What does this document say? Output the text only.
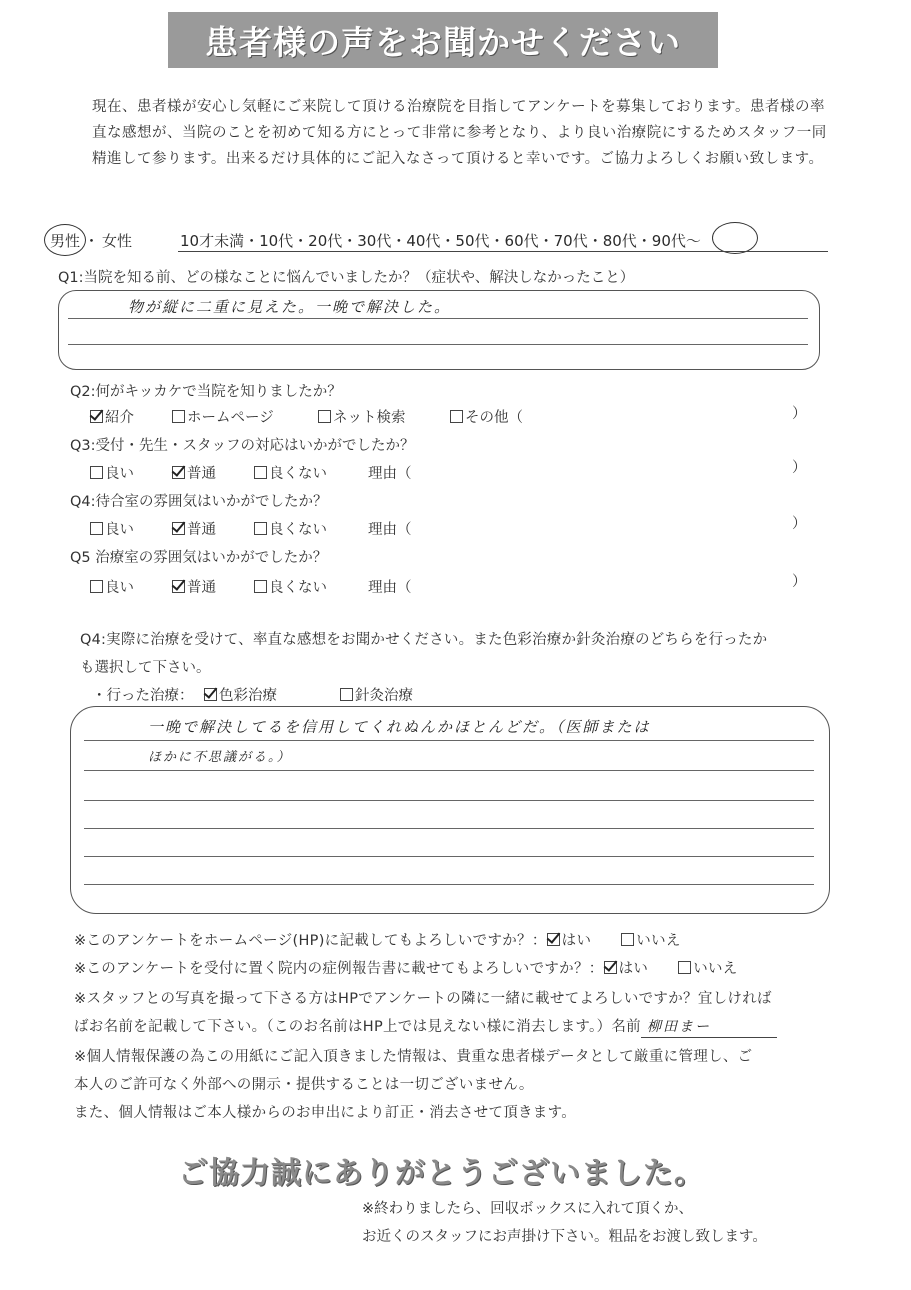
患者様の声をお聞かせください
現在、患者様が安心し気軽にご来院して頂ける治療院を目指してアンケートを募集しております。患者様の率直な感想が、当院のことを初めて知る方にとって非常に参考となり、より良い治療院にするためスタッフ一同精進して参ります。出来るだけ具体的にご記入なさって頂けると幸いです。ご協力よろしくお願い致します。
男性 ・ 女性	10才未満・10代・20代・30代・40代・50代・60代・70代・80代・90代〜
Q1:当院を知る前、どの様なことに悩んでいましたか？（症状や、解決しなかったこと）
物が縦に二重に見えた。一晩で解決した。
Q2:何がキッカケで当院を知りましたか？
紹介	ホームページ	ネット検索	その他（	）
Q3:受付・先生・スタッフの対応はいかがでしたか？
良い	普通	良くない	理由（	）
Q4:待合室の雰囲気はいかがでしたか？
良い	普通	良くない	理由（	）
Q5 治療室の雰囲気はいかがでしたか？
良い	普通	良くない	理由（	）
Q4:実際に治療を受けて、率直な感想をお聞かせください。また色彩治療か針灸治療のどちらを行ったか
も選択して下さい。
・行った治療：	色彩治療	針灸治療
一晩で解決してるを信用してくれぬんかほとんどだ。（医師または
ほかに不思議がる。）
※このアンケートをホームページ(HP)に記載してもよろしいですか？： はい	いいえ
※このアンケートを受付に置く院内の症例報告書に載せてもよろしいですか？： はい	いいえ
※スタッフとの写真を撮って下さる方はHPでアンケートの隣に一緒に載せてよろしいですか？宜しければ
ばお名前を記載して下さい。（このお名前はHP上では見えない様に消去します。）名前 柳田まー
※個人情報保護の為この用紙にご記入頂きました情報は、貴重な患者様データとして厳重に管理し、ご
本人のご許可なく外部への開示・提供することは一切ございません。
また、個人情報はご本人様からのお申出により訂正・消去させて頂きます。
ご協力誠にありがとうございました。
※終わりましたら、回収ボックスに入れて頂くか、
お近くのスタッフにお声掛け下さい。粗品をお渡し致します。
